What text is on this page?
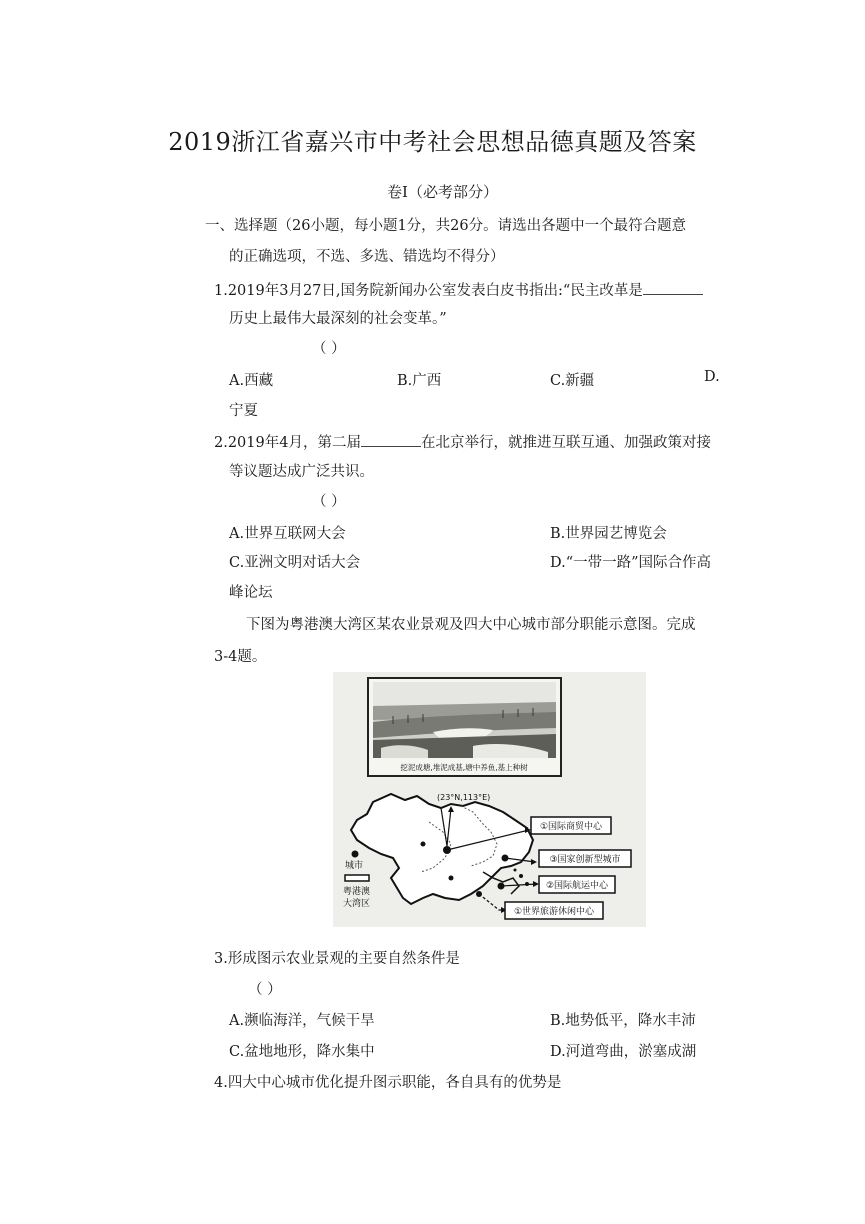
2019浙江省嘉兴市中考社会思想品德真题及答案
卷Ⅰ（必考部分）
一、选择题（26小题，每小题1分，共26分。请选出各题中一个最符合题意
的正确选项，不选、多选、错选均不得分）
1.2019年3月27日,国务院新闻办公室发表白皮书指出:“民主改革是
历史上最伟大最深刻的社会变革。”
（ ）
A.西藏	B.广西	C.新疆	D.
宁夏
2.2019年4月，第二届	在北京举行，就推进互联互通、加强政策对接
等议题达成广泛共识。
（ ）
A.世界互联网大会	B.世界园艺博览会
C.亚洲文明对话大会	D.“一带一路”国际合作高
峰论坛
下图为粤港澳大湾区某农业景观及四大中心城市部分职能示意图。完成
3-4题。
挖泥成塘,堆泥成基,塘中养鱼,基上种树
(23°N,113°E)
①国际商贸中心
③国家创新型城市
②国际航运中心
①世界旅游休闲中心
城市
粤港澳
大湾区
3.形成图示农业景观的主要自然条件是
（ ）
A.濒临海洋，气候干旱	B.地势低平，降水丰沛
C.盆地地形，降水集中	D.河道弯曲，淤塞成湖
4.四大中心城市优化提升图示职能，各自具有的优势是
